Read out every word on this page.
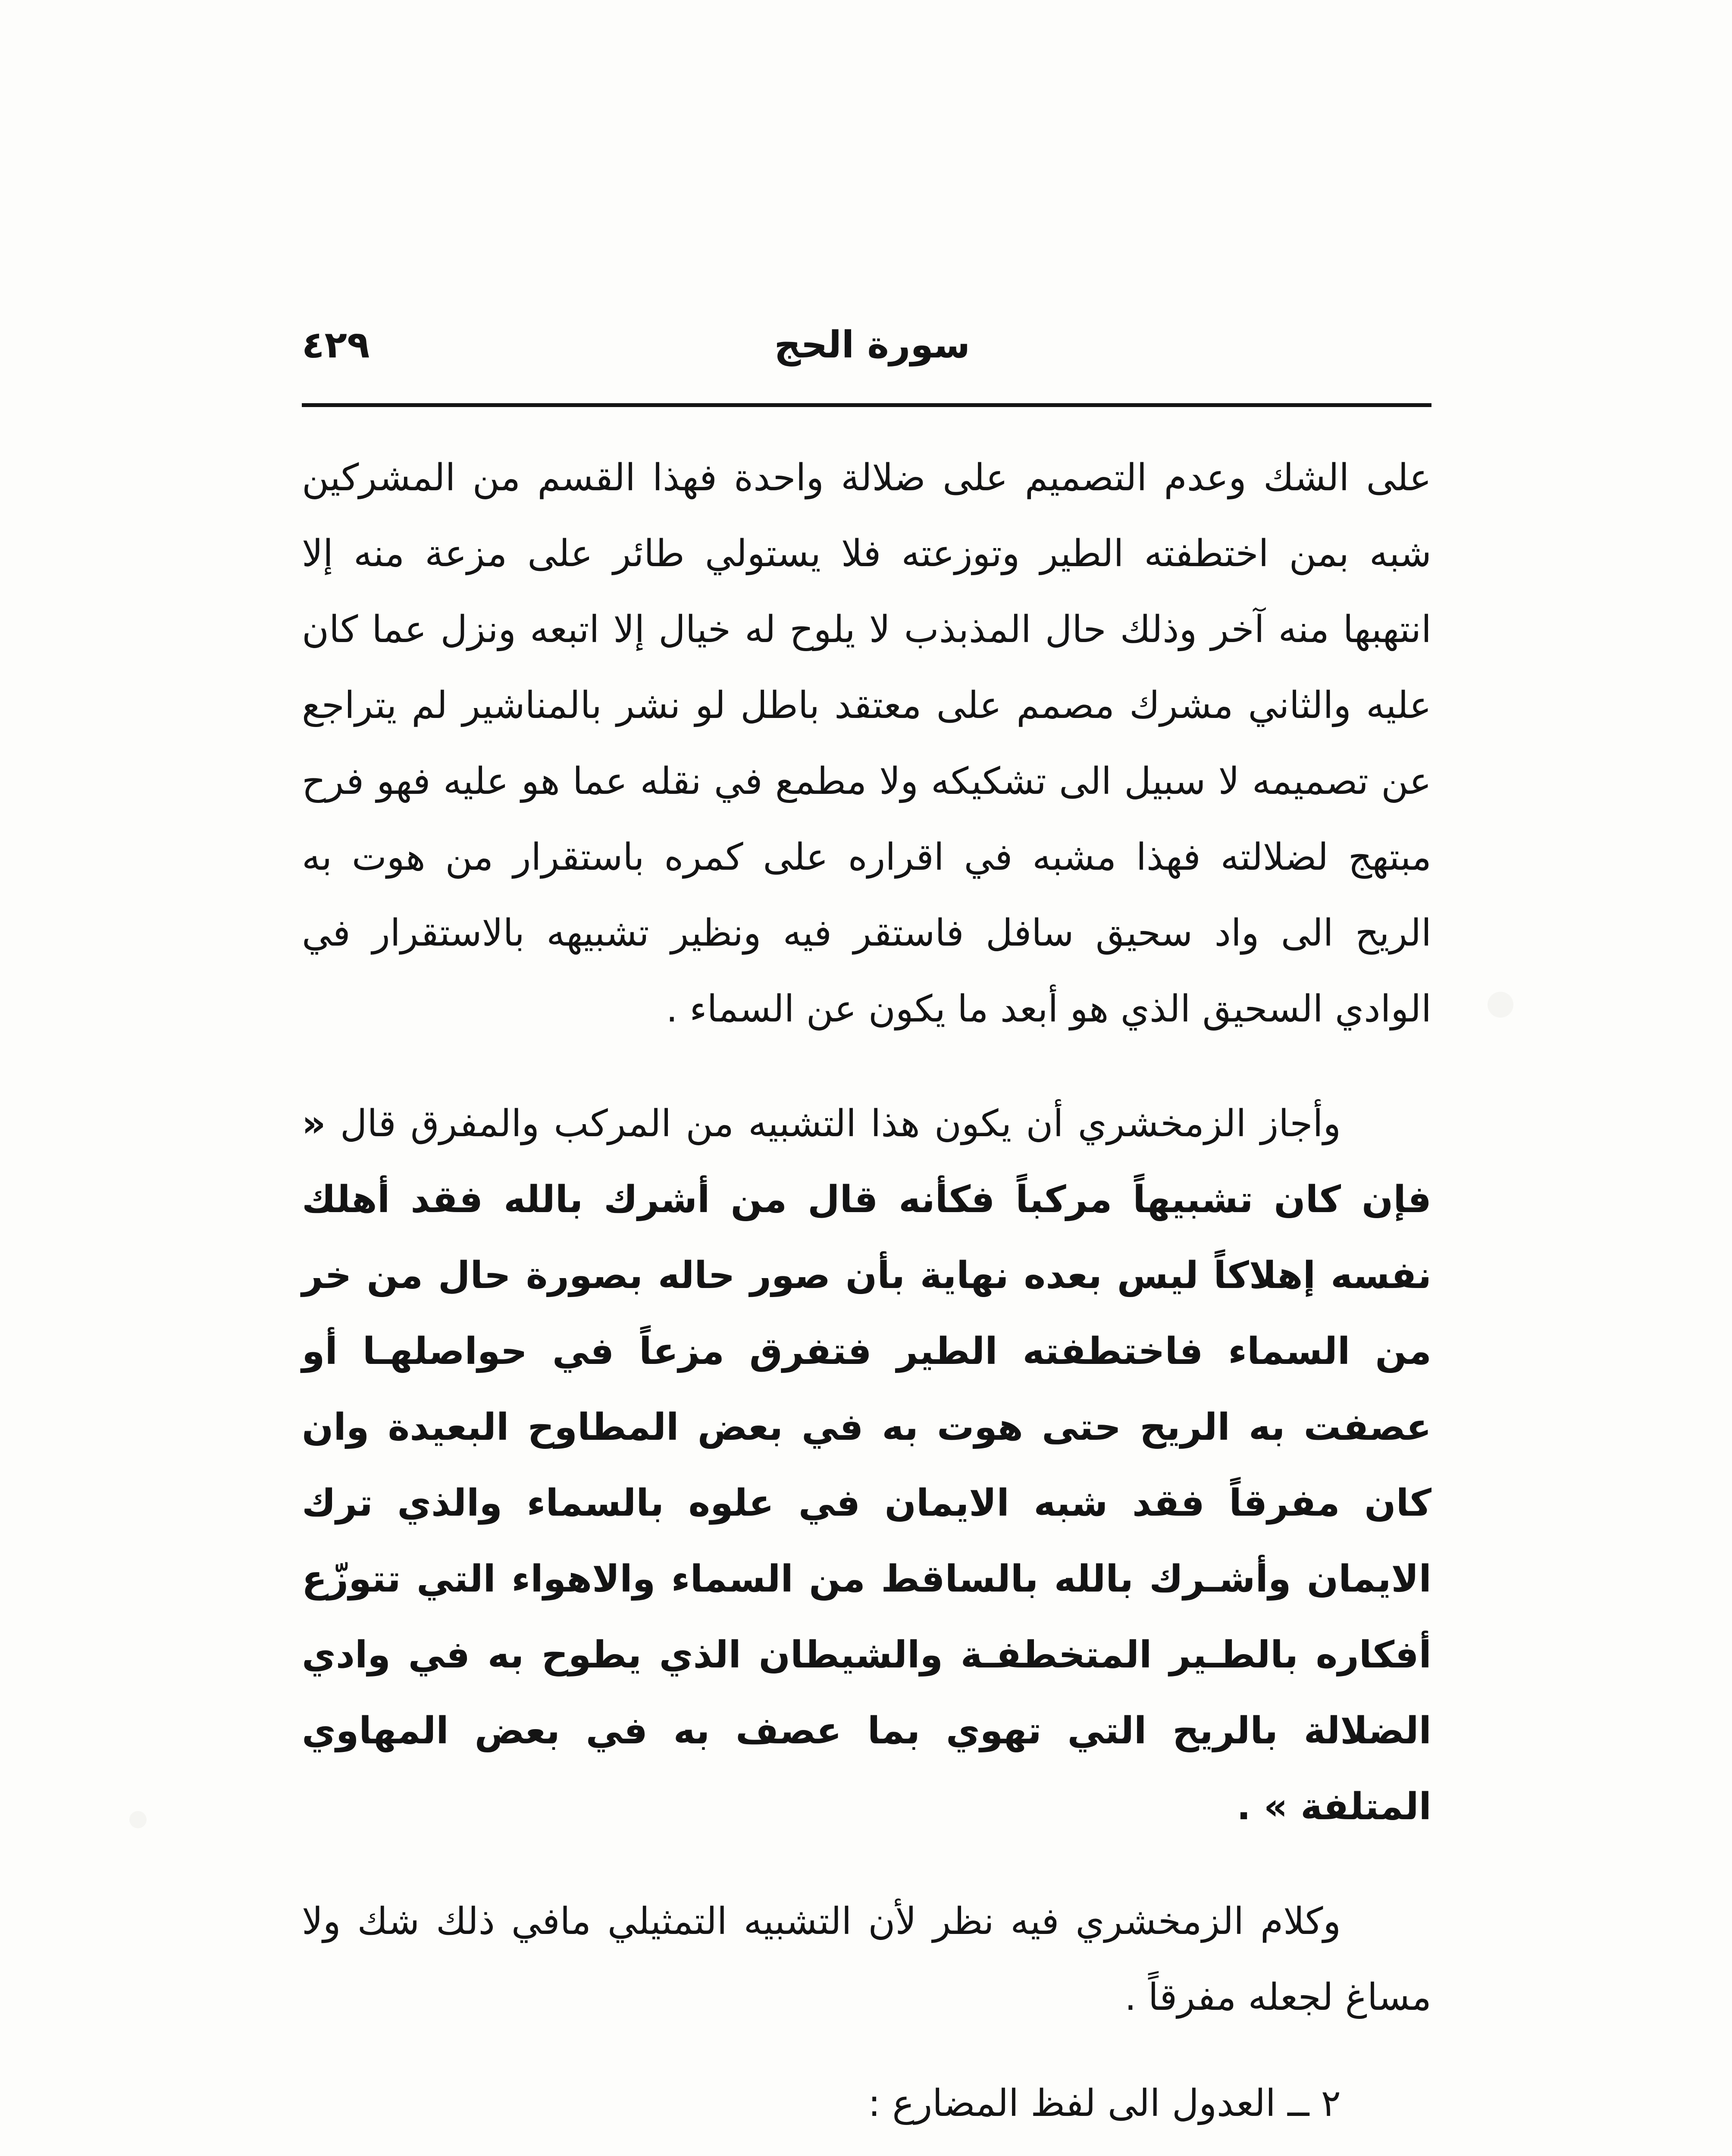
سورة الحج
٤٢٩

على الشك وعدم التصميم على ضلالة واحدة فهذا القسم من المشركين شبه بمن اختطفته الطير وتوزعته فلا يستولي طائر على مزعة منه إلا انتهبها منه آخر وذلك حال المذبذب لا يلوح له خيال إلا اتبعه ونزل عما كان عليه والثاني مشرك مصمم على معتقد باطل لو نشر بالمناشير لم يتراجع عن تصميمه لا سبيل الى تشكيكه ولا مطمع في نقله عما هو عليه فهو فرح مبتهج لضلالته فهذا مشبه في اقراره على كمره باستقرار من هوت به الريح الى واد سحيق سافل فاستقر فيه ونظير تشبيهه بالاستقرار في الوادي السحيق الذي هو أبعد ما يكون عن السماء .

وأجاز الزمخشري أن يكون هذا التشبيه من المركب والمفرق قال « فإن كان تشبيهاً مركباً فكأنه قال من أشرك بالله فقد أهلك نفسه إهلاكاً ليس بعده نهاية بأن صور حاله بصورة حال من خر من السماء فاختطفته الطير فتفرق مزعاً في حواصلهـا أو عصفت به الريح حتى هوت به في بعض المطاوح البعيدة وان كان مفرقاً فقد شبه الايمان في علوه بالسماء والذي ترك الايمان وأشـرك بالله بالساقط من السماء والاهواء التي تتوزّع أفكاره بالطـير المتخطفـة والشيطان الذي يطوح به في وادي الضلالة بالريح التي تهوي بما عصف به في بعض المهاوي المتلفة » .

وكلام الزمخشري فيه نظر لأن التشبيه التمثيلي مافي ذلك شك ولا مساغ لجعله مفرقاً .

٢ ــ العدول الى لفظ المضارع :
